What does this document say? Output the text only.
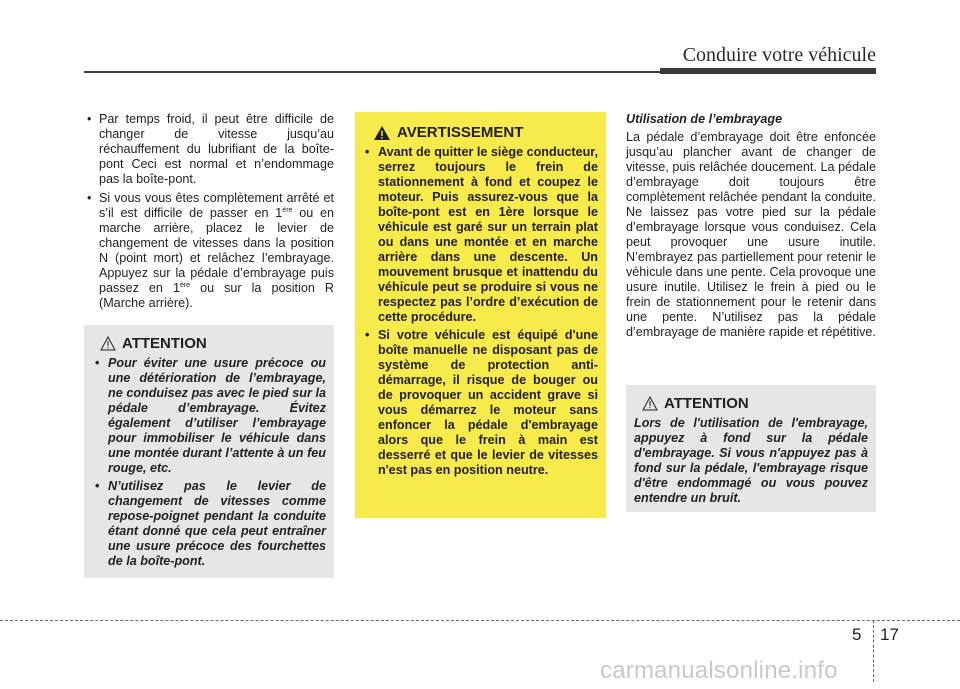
Conduire votre véhicule
• Par temps froid, il peut être difficile de changer de vitesse jusqu’au réchauffement du lubrifiant de la boîte-pont Ceci est normal et n’endommage pas la boîte-pont.
• Si vous vous êtes complètement arrêté et s’il est difficile de passer en 1ère ou en marche arrière, placez le levier de changement de vitesses dans la position N (point mort) et relâchez l’embrayage. Appuyez sur la pédale d’embrayage puis passez en 1ère ou sur la position R (Marche arrière).
ATTENTION
• Pour éviter une usure précoce ou une détérioration de l’embrayage, ne conduisez pas avec le pied sur la pédale d’embrayage. Évitez également d’utiliser l’embrayage pour immobiliser le véhicule dans une montée durant l’attente à un feu rouge, etc.
• N’utilisez pas le levier de changement de vitesses comme repose-poignet pendant la conduite étant donné que cela peut entraîner une usure précoce des fourchettes de la boîte-pont.
AVERTISSEMENT
• Avant de quitter le siège conducteur, serrez toujours le frein de stationnement à fond et coupez le moteur. Puis assurez-vous que la boîte-pont est en 1ère lorsque le véhicule est garé sur un terrain plat ou dans une montée et en marche arrière dans une descente. Un mouvement brusque et inattendu du véhicule peut se produire si vous ne respectez pas l’ordre d’exécution de cette procédure.
• Si votre véhicule est équipé d'une boîte manuelle ne disposant pas de système de protection anti-démarrage, il risque de bouger ou de provoquer un accident grave si vous démarrez le moteur sans enfoncer la pédale d'embrayage alors que le frein à main est desserré et que le levier de vitesses n'est pas en position neutre.

Utilisation de l’embrayage

La pédale d’embrayage doit être enfoncée jusqu’au plancher avant de changer de vitesse, puis relâchée doucement. La pédale d’embrayage doit toujours être complètement relâchée pendant la conduite. Ne laissez pas votre pied sur la pédale d’embrayage lorsque vous conduisez. Cela peut provoquer une usure inutile. N’embrayez pas partiellement pour retenir le véhicule dans une pente. Cela provoque une usure inutile. Utilisez le frein à pied ou le frein de stationnement pour le retenir dans une pente. N’utilisez pas la pédale d’embrayage de manière rapide et répétitive.

ATTENTION

Lors de l'utilisation de l'embrayage, appuyez à fond sur la pédale d'embrayage. Si vous n'appuyez pas à fond sur la pédale, l'embrayage risque d'être endommagé ou vous pouvez entendre un bruit.

5 17
carmanualsonline.info
